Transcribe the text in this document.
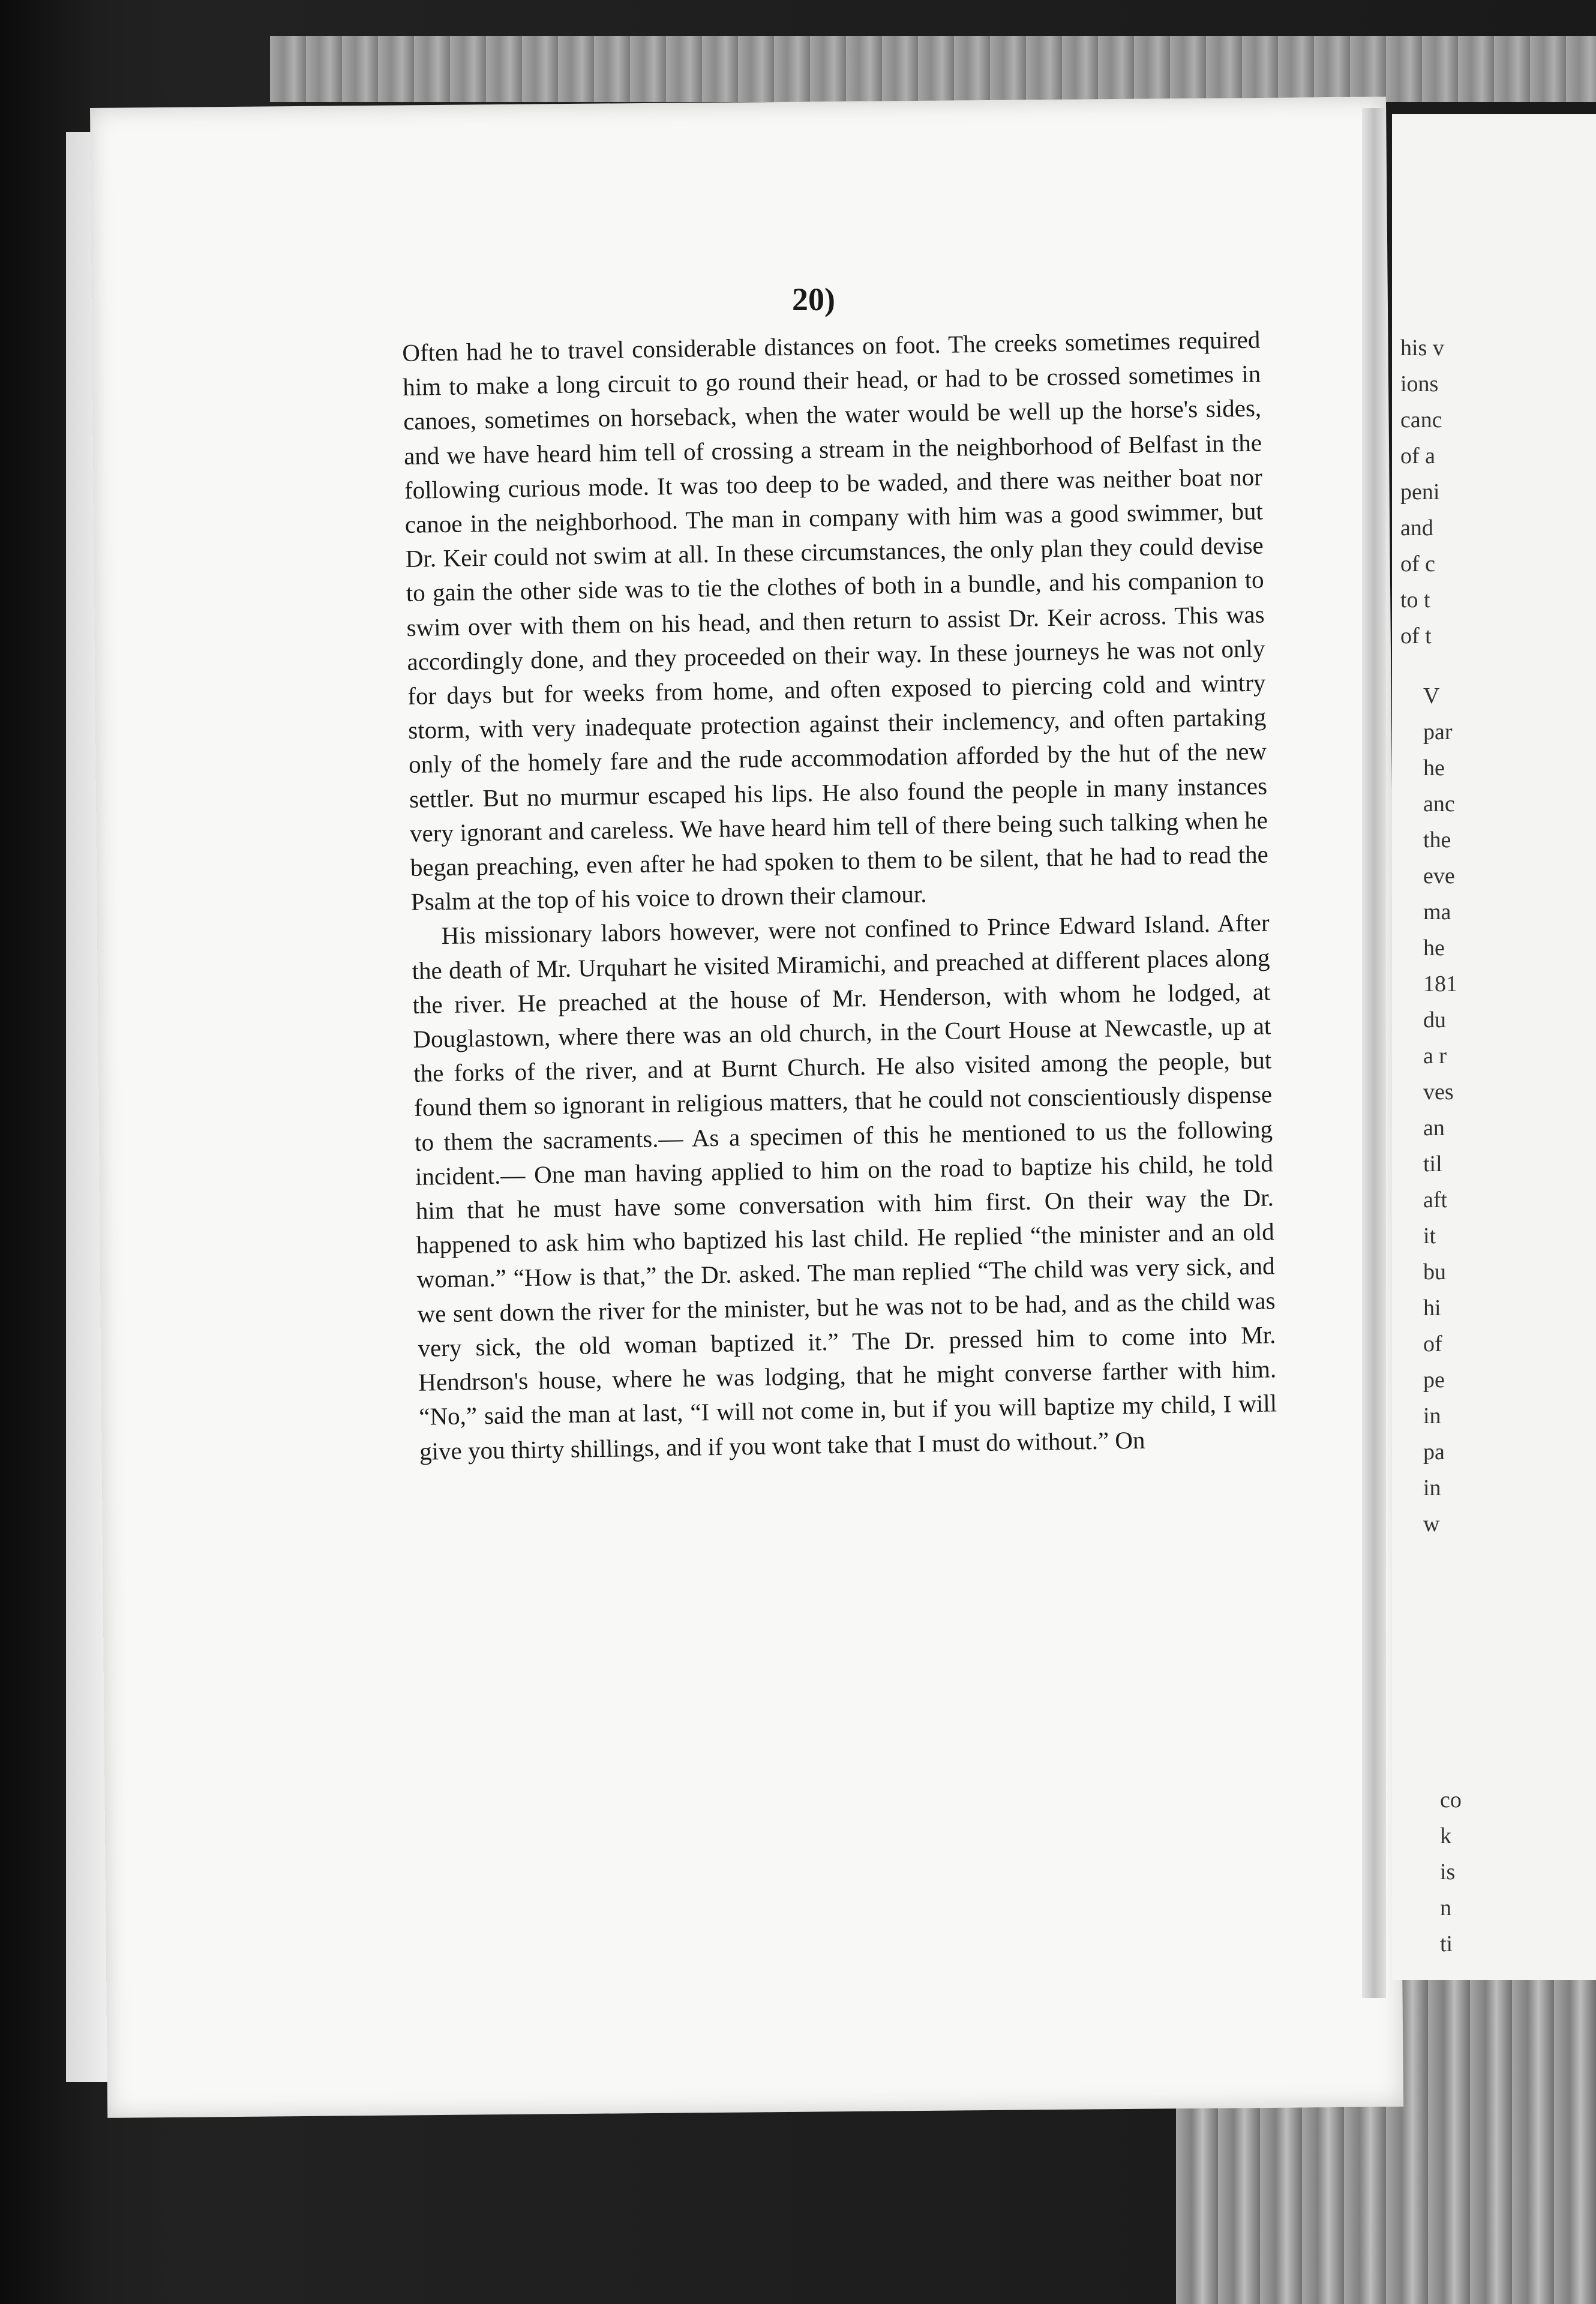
his v
ions
canc
of a
peni
and
of c
to t
of t
V
par
he
anc
the
eve
ma
he
181
du
a r
ves
an
til
aft
it
bu
hi
of
pe
in
pa
in
w
co
k
is
n
ti
20)

Often had he to travel considerable distances on foot. The creeks sometimes required him to make a long circuit to go round their head, or had to be crossed sometimes in canoes, sometimes on horseback, when the water would be well up the horse's sides, and we have heard him tell of crossing a stream in the neighborhood of Belfast in the following curious mode. It was too deep to be waded, and there was neither boat nor canoe in the neighborhood. The man in company with him was a good swimmer, but Dr. Keir could not swim at all. In these circumstances, the only plan they could devise to gain the other side was to tie the clothes of both in a bundle, and his companion to swim over with them on his head, and then return to assist Dr. Keir across. This was accordingly done, and they proceeded on their way. In these journeys he was not only for days but for weeks from home, and often exposed to piercing cold and wintry storm, with very inadequate protection against their inclemency, and often partaking only of the homely fare and the rude accommodation afforded by the hut of the new settler. But no murmur escaped his lips. He also found the people in many instances very ignorant and careless. We have heard him tell of there being such talking when he began preaching, even after he had spoken to them to be silent, that he had to read the Psalm at the top of his voice to drown their clamour.

His missionary labors however, were not confined to Prince Edward Island. After the death of Mr. Urquhart he visited Miramichi, and preached at different places along the river. He preached at the house of Mr. Henderson, with whom he lodged, at Douglastown, where there was an old church, in the Court House at Newcastle, up at the forks of the river, and at Burnt Church. He also visited among the people, but found them so ignorant in religious matters, that he could not conscientiously dispense to them the sacraments.— As a specimen of this he mentioned to us the following incident.— One man having applied to him on the road to baptize his child, he told him that he must have some conversation with him first. On their way the Dr. happened to ask him who baptized his last child. He replied “the minister and an old woman.” “How is that,” the Dr. asked. The man replied “The child was very sick, and we sent down the river for the minister, but he was not to be had, and as the child was very sick, the old woman baptized it.” The Dr. pressed him to come into Mr. Hendrson's house, where he was lodging, that he might converse farther with him. “No,” said the man at last, “I will not come in, but if you will baptize my child, I will give you thirty shillings, and if you wont take that I must do without.” On
